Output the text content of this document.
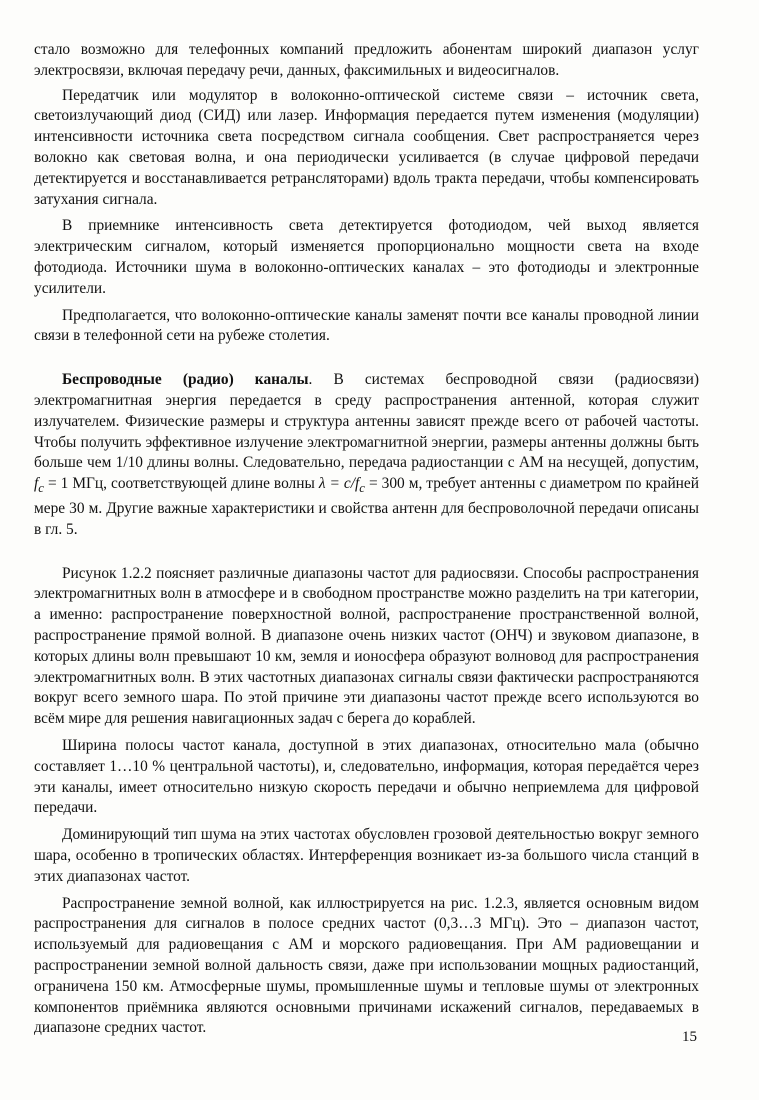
стало возможно для телефонных компаний предложить абонентам широкий диапазон услуг электросвязи, включая передачу речи, данных, факсимильных и видеосигналов.

Передатчик или модулятор в волоконно-оптической системе связи – источник света, светоизлучающий диод (СИД) или лазер. Информация передается путем изменения (модуляции) интенсивности источника света посредством сигнала сообщения. Свет распространяется через волокно как световая волна, и она периодически усиливается (в случае цифровой передачи детектируется и восстанавливается ретрансляторами) вдоль тракта передачи, чтобы компенсировать затухания сигнала.

В приемнике интенсивность света детектируется фотодиодом, чей выход является электрическим сигналом, который изменяется пропорционально мощности света на входе фотодиода. Источники шума в волоконно-оптических каналах – это фотодиоды и электронные усилители.

Предполагается, что волоконно-оптические каналы заменят почти все каналы проводной линии связи в телефонной сети на рубеже столетия.

Беспроводные (радио) каналы. В системах беспроводной связи (радиосвязи) электромагнитная энергия передается в среду распространения антенной, которая служит излучателем. Физические размеры и структура антенны зависят прежде всего от рабочей частоты. Чтобы получить эффективное излучение электромагнитной энергии, размеры антенны должны быть больше чем 1/10 длины волны. Следовательно, передача радиостанции с АМ на несущей, допустим, $f_c = 1$ МГц, соответствующей длине волны $\lambda = c/f_c = 300$ м, требует антенны с диаметром по крайней мере 30 м. Другие важные характеристики и свойства антенн для беспроволочной передачи описаны в гл. 5.

Рисунок 1.2.2 поясняет различные диапазоны частот для радиосвязи. Способы распространения электромагнитных волн в атмосфере и в свободном пространстве можно разделить на три категории, а именно: распространение поверхностной волной, распространение пространственной волной, распространение прямой волной. В диапазоне очень низких частот (ОНЧ) и звуковом диапазоне, в которых длины волн превышают 10 км, земля и ионосфера образуют волновод для распространения электромагнитных волн. В этих частотных диапазонах сигналы связи фактически распространяются вокруг всего земного шара. По этой причине эти диапазоны частот прежде всего используются во всём мире для решения навигационных задач с берега до кораблей.

Ширина полосы частот канала, доступной в этих диапазонах, относительно мала (обычно составляет 1…10 % центральной частоты), и, следовательно, информация, которая передаётся через эти каналы, имеет относительно низкую скорость передачи и обычно неприемлема для цифровой передачи.

Доминирующий тип шума на этих частотах обусловлен грозовой деятельностью вокруг земного шара, особенно в тропических областях. Интерференция возникает из-за большого числа станций в этих диапазонах частот.

Распространение земной волной, как иллюстрируется на рис. 1.2.3, является основным видом распространения для сигналов в полосе средних частот (0,3…3 МГц). Это – диапазон частот, используемый для радиовещания с АМ и морского радиовещания. При АМ радиовещании и распространении земной волной дальность связи, даже при использовании мощных радиостанций, ограничена 150 км. Атмосферные шумы, промышленные шумы и тепловые шумы от электронных компонентов приёмника являются основными причинами искажений сигналов, передаваемых в диапазоне средних частот.

15
